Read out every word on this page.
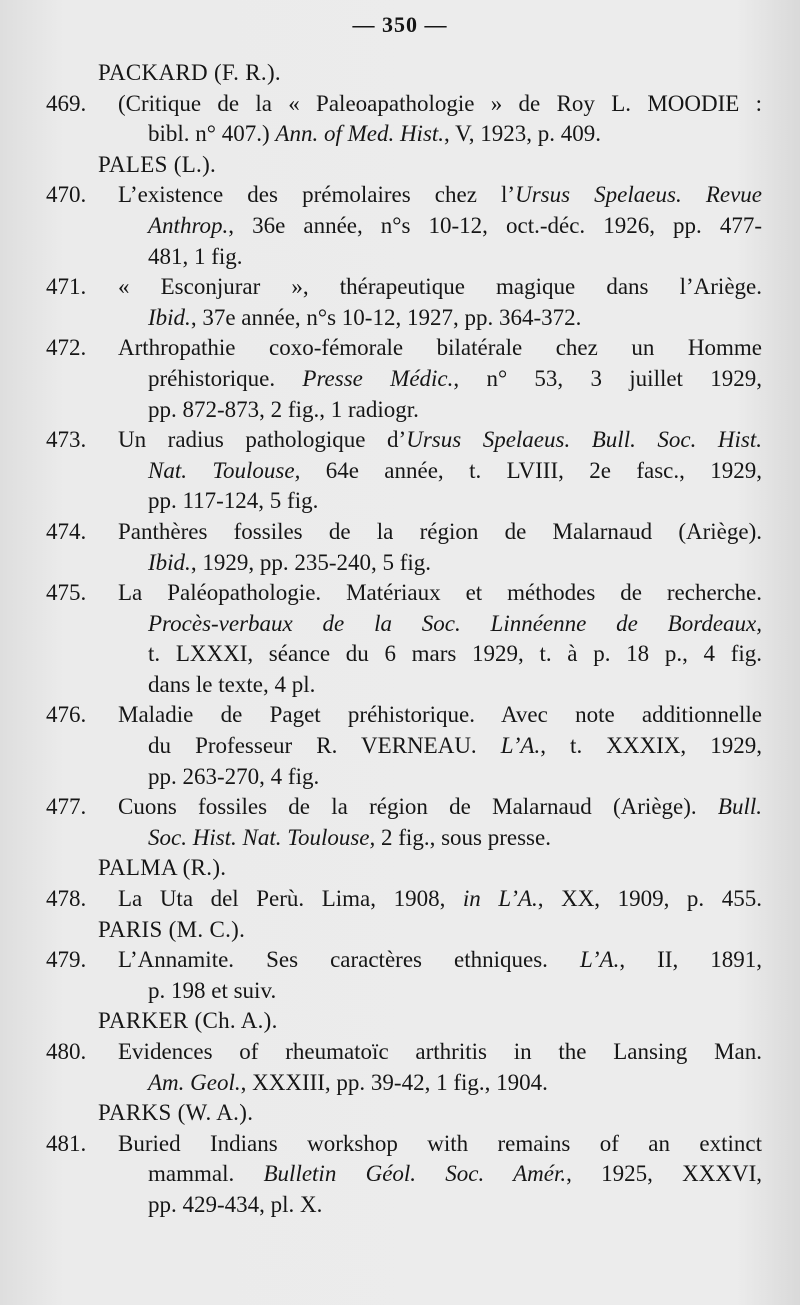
— 350 —
PACKARD (F. R.).
469. (Critique de la « Paleoapathologie » de Roy L. MOODIE :
bibl. n° 407.) Ann. of Med. Hist., V, 1923, p. 409.
PALES (L.).
470. L’existence des prémolaires chez l’Ursus Spelaeus. Revue
Anthrop., 36e année, n°s 10-12, oct.-déc. 1926, pp. 477-
481, 1 fig.
471. « Esconjurar », thérapeutique magique dans l’Ariège.
Ibid., 37e année, n°s 10-12, 1927, pp. 364-372.
472. Arthropathie coxo-fémorale bilatérale chez un Homme
préhistorique. Presse Médic., n° 53, 3 juillet 1929,
pp. 872-873, 2 fig., 1 radiogr.
473. Un radius pathologique d’Ursus Spelaeus. Bull. Soc. Hist.
Nat. Toulouse, 64e année, t. LVIII, 2e fasc., 1929,
pp. 117-124, 5 fig.
474. Panthères fossiles de la région de Malarnaud (Ariège).
Ibid., 1929, pp. 235-240, 5 fig.
475. La Paléopathologie. Matériaux et méthodes de recherche.
Procès-verbaux de la Soc. Linnéenne de Bordeaux,
t. LXXXI, séance du 6 mars 1929, t. à p. 18 p., 4 fig.
dans le texte, 4 pl.
476. Maladie de Paget préhistorique. Avec note additionnelle
du Professeur R. VERNEAU. L’A., t. XXXIX, 1929,
pp. 263-270, 4 fig.
477. Cuons fossiles de la région de Malarnaud (Ariège). Bull.
Soc. Hist. Nat. Toulouse, 2 fig., sous presse.
PALMA (R.).
478. La Uta del Perù. Lima, 1908, in L’A., XX, 1909, p. 455.
PARIS (M. C.).
479. L’Annamite. Ses caractères ethniques. L’A., II, 1891,
p. 198 et suiv.
PARKER (Ch. A.).
480. Evidences of rheumatoïc arthritis in the Lansing Man.
Am. Geol., XXXIII, pp. 39-42, 1 fig., 1904.
PARKS (W. A.).
481. Buried Indians workshop with remains of an extinct
mammal. Bulletin Géol. Soc. Amér., 1925, XXXVI,
pp. 429-434, pl. X.
